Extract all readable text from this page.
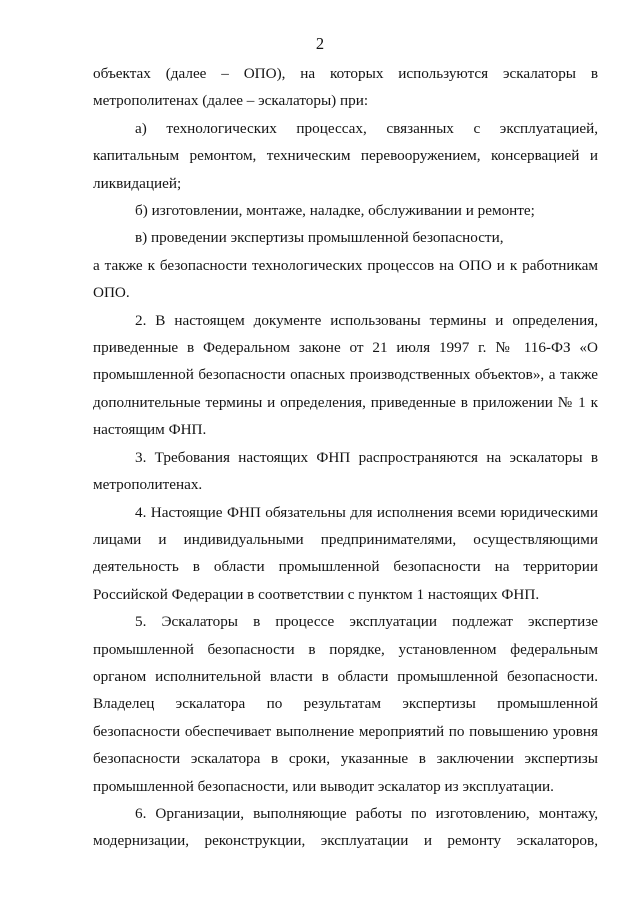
2

объектах (далее – ОПО), на которых используются эскалаторы в метрополитенах (далее – эскалаторы) при:

а) технологических процессах, связанных с эксплуатацией, капитальным ремонтом, техническим перевооружением, консервацией и ликвидацией;

б) изготовлении, монтаже, наладке, обслуживании и ремонте;

в) проведении экспертизы промышленной безопасности,

а также к безопасности технологических процессов на ОПО и к работникам ОПО.

2. В настоящем документе использованы термины и определения, приведенные в Федеральном законе от 21 июля 1997 г. № 116-ФЗ «О промышленной безопасности опасных производственных объектов», а также дополнительные термины и определения, приведенные в приложении № 1 к настоящим ФНП.

3. Требования настоящих ФНП распространяются на эскалаторы в метрополитенах.

4. Настоящие ФНП обязательны для исполнения всеми юридическими лицами и индивидуальными предпринимателями, осуществляющими деятельность в области промышленной безопасности на территории Российской Федерации в соответствии с пунктом 1 настоящих ФНП.

5. Эскалаторы в процессе эксплуатации подлежат экспертизе промышленной безопасности в порядке, установленном федеральным органом исполнительной власти в области промышленной безопасности. Владелец эскалатора по результатам экспертизы промышленной безопасности обеспечивает выполнение мероприятий по повышению уровня безопасности эскалатора в сроки, указанные в заключении экспертизы промышленной безопасности, или выводит эскалатор из эксплуатации.

6. Организации, выполняющие работы по изготовлению, монтажу, модернизации, реконструкции, эксплуатации и ремонту эскалаторов,
